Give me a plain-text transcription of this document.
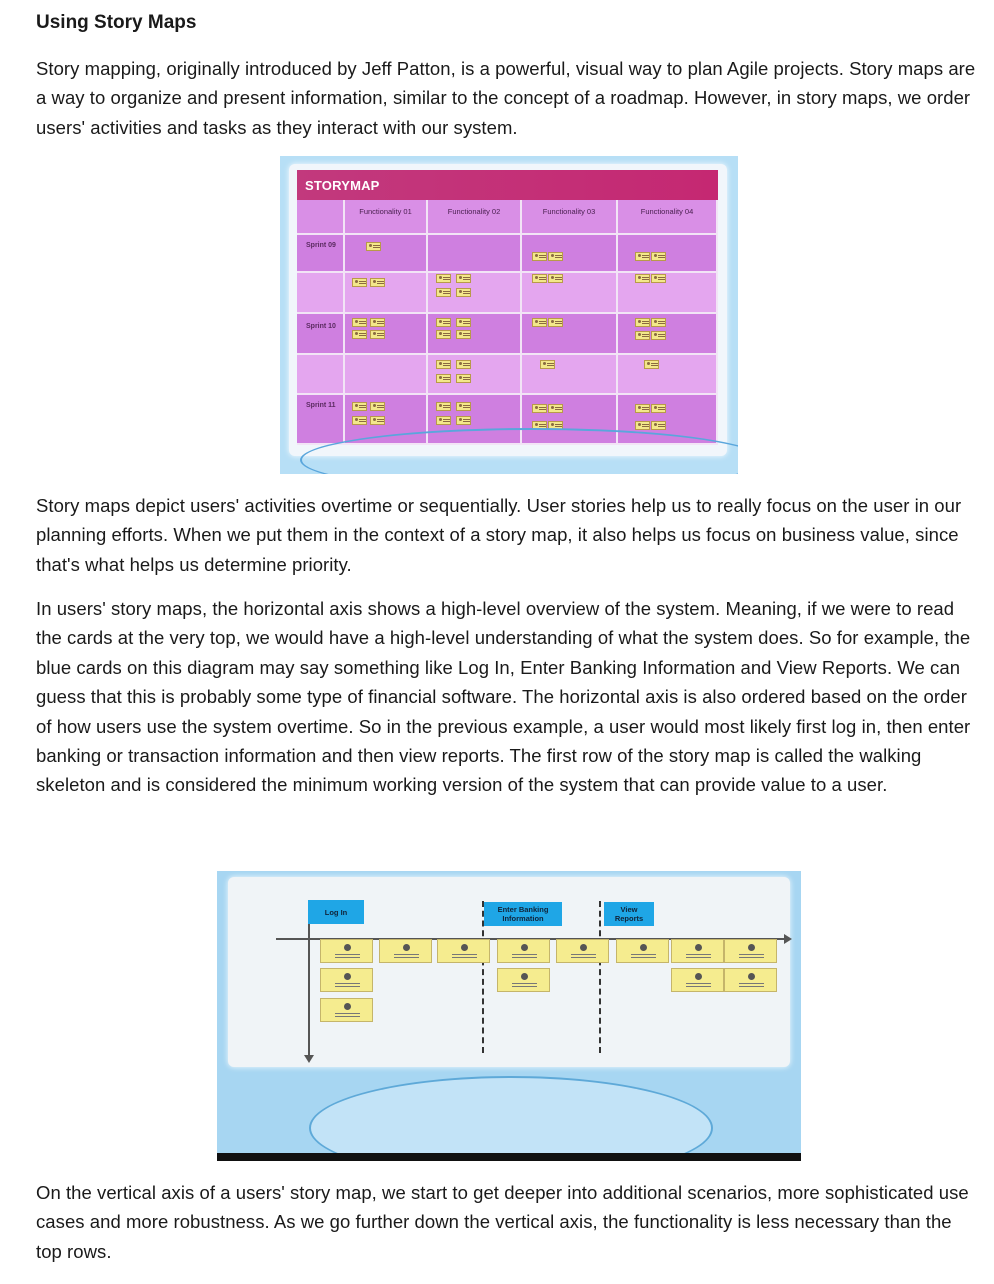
Using Story Maps

Story mapping, originally introduced by Jeff Patton, is a powerful, visual way to plan Agile projects. Story maps are a way to organize and present information, similar to the concept of a roadmap. However, in story maps, we order users' activities and tasks as they interact with our system.

STORYMAP
Functionality 01	Functionality 02	Functionality 03	Functionality 04
Sprint 09
Sprint 10
Sprint 11

Story maps depict users' activities overtime or sequentially. User stories help us to really focus on the user in our planning efforts. When we put them in the context of a story map, it also helps us focus on business value, since that's what helps us determine priority.

In users' story maps, the horizontal axis shows a high-level overview of the system. Meaning, if we were to read the cards at the very top, we would have a high-level understanding of what the system does. So for example, the blue cards on this diagram may say something like Log In, Enter Banking Information and View Reports. We can guess that this is probably some type of financial software. The horizontal axis is also ordered based on the order of how users use the system overtime. So in the previous example, a user would most likely first log in, then enter banking or transaction information and then view reports. The first row of the story map is called the walking skeleton and is considered the minimum working version of the system that can provide value to a user.

Log In	Enter Banking Information
View Reports

On the vertical axis of a users' story map, we start to get deeper into additional scenarios, more sophisticated use cases and more robustness. As we go further down the vertical axis, the functionality is less necessary than the top rows.
